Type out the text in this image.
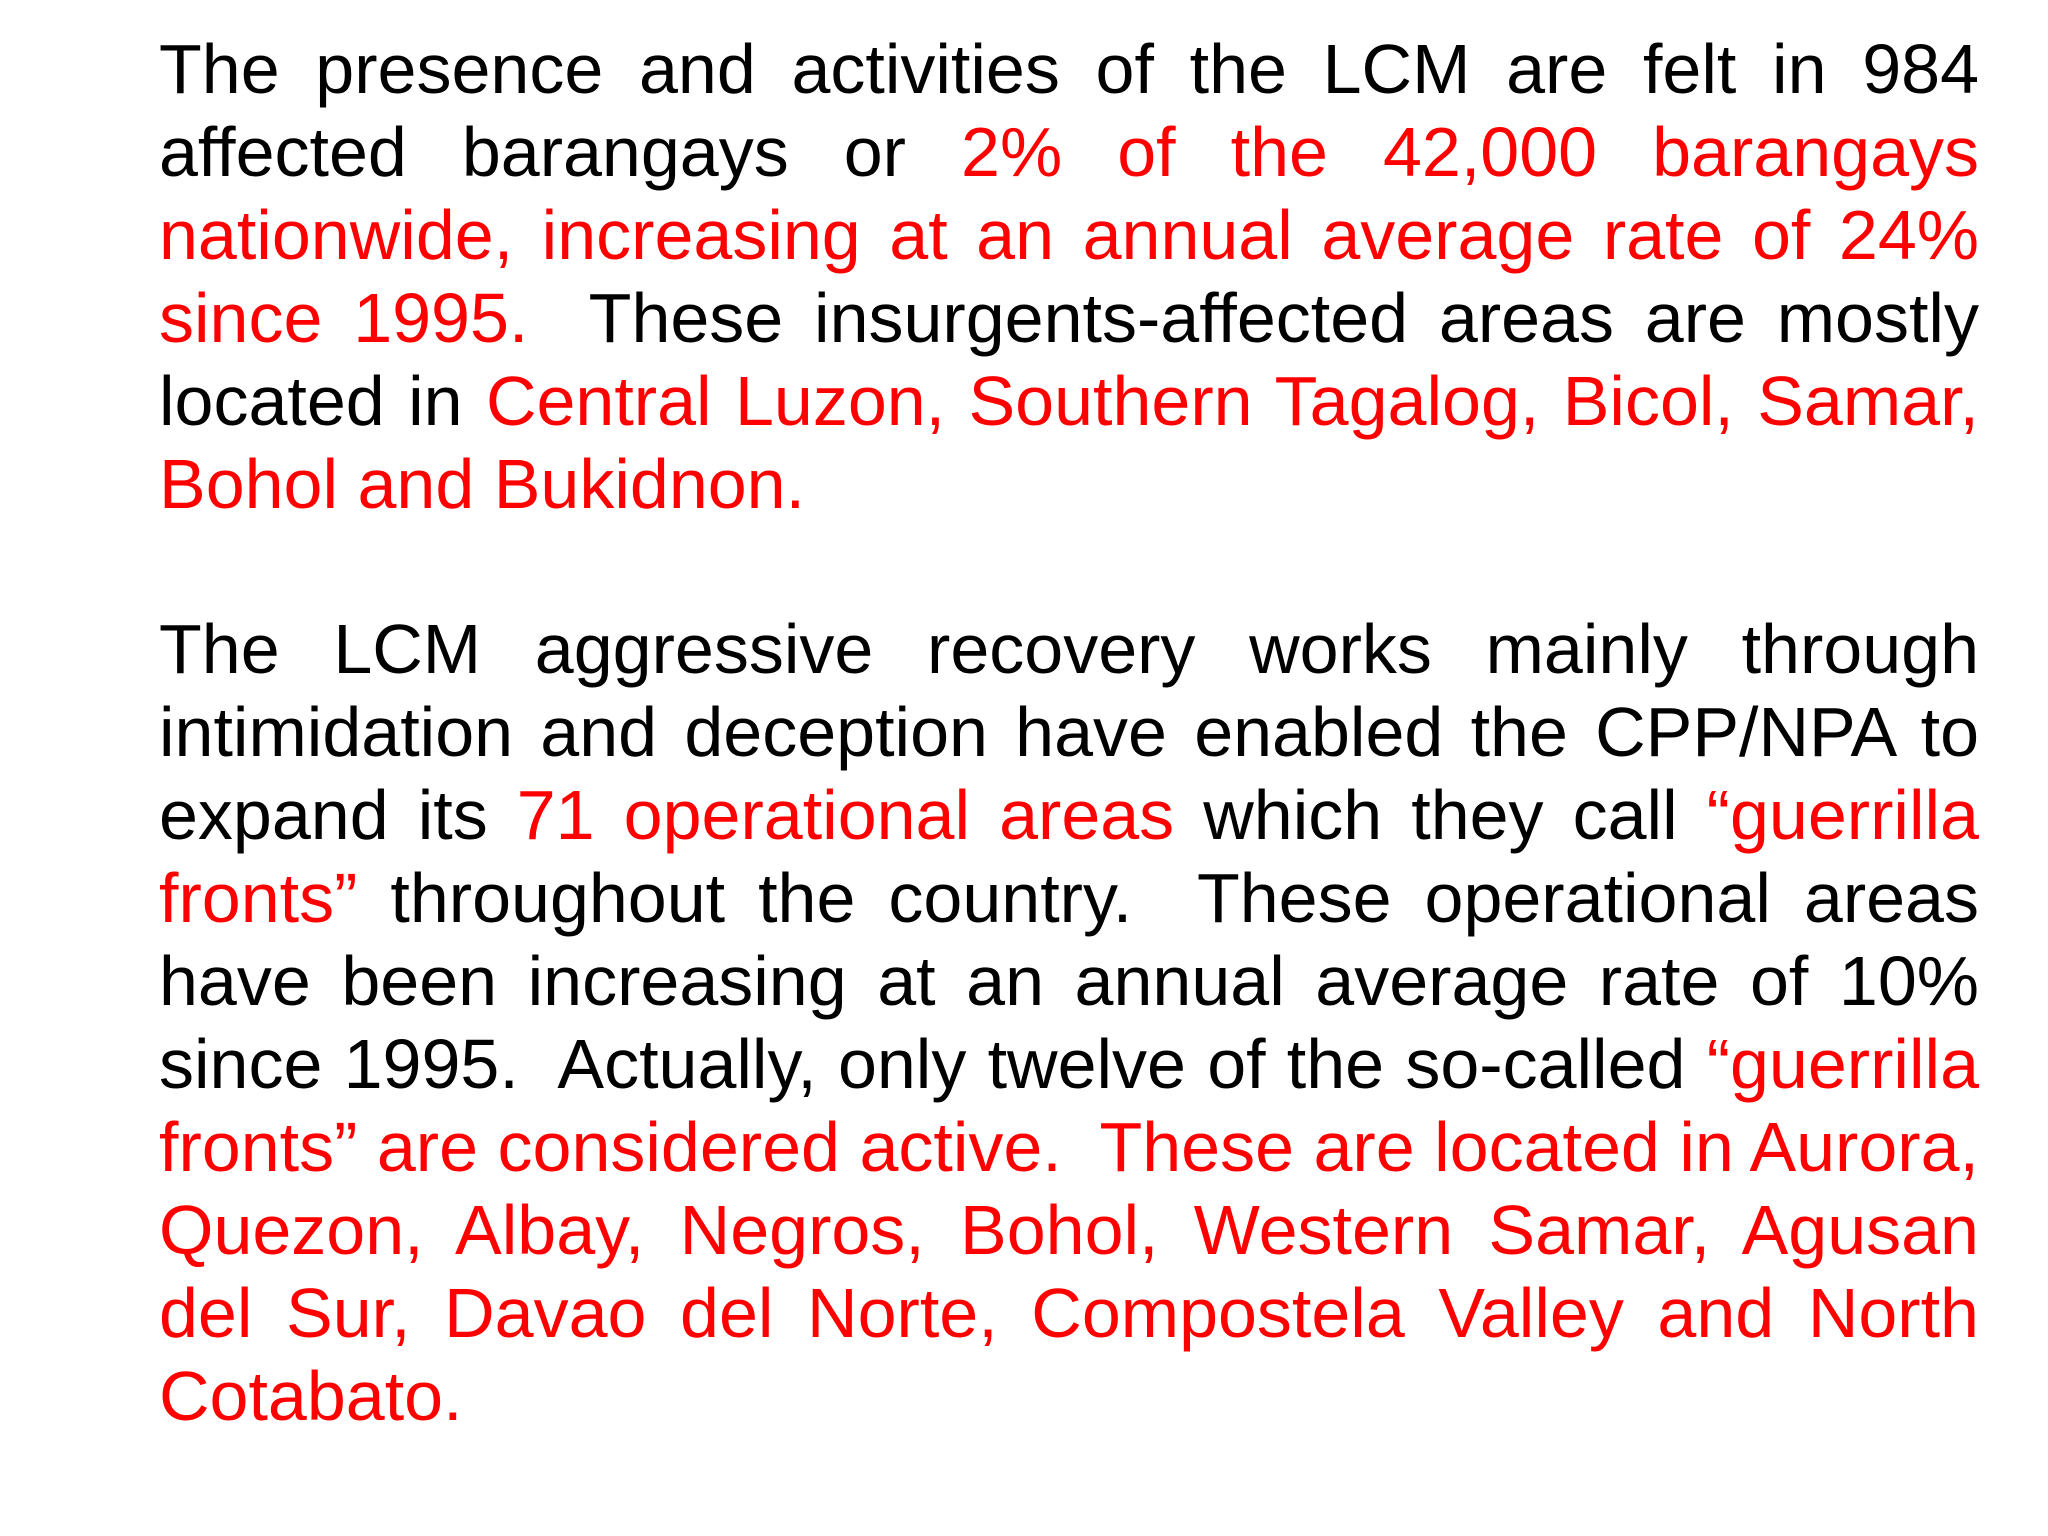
The presence and activities of the LCM are felt in 984 affected barangays or 2% of the 42,000 barangays nationwide, increasing at an annual average rate of 24% since 1995.  These insurgents-affected areas are mostly located in Central Luzon, Southern Tagalog, Bicol, Samar, Bohol and Bukidnon.

The LCM aggressive recovery works mainly through intimidation and deception have enabled the CPP/NPA to expand its 71 operational areas which they call “guerrilla fronts” throughout the country.  These operational areas have been increasing at an annual average rate of 10% since 1995.  Actually, only twelve of the so-called “guerrilla fronts” are considered active.  These are located in Aurora, Quezon, Albay, Negros, Bohol, Western Samar, Agusan del Sur, Davao del Norte, Compostela Valley and North Cotabato.
